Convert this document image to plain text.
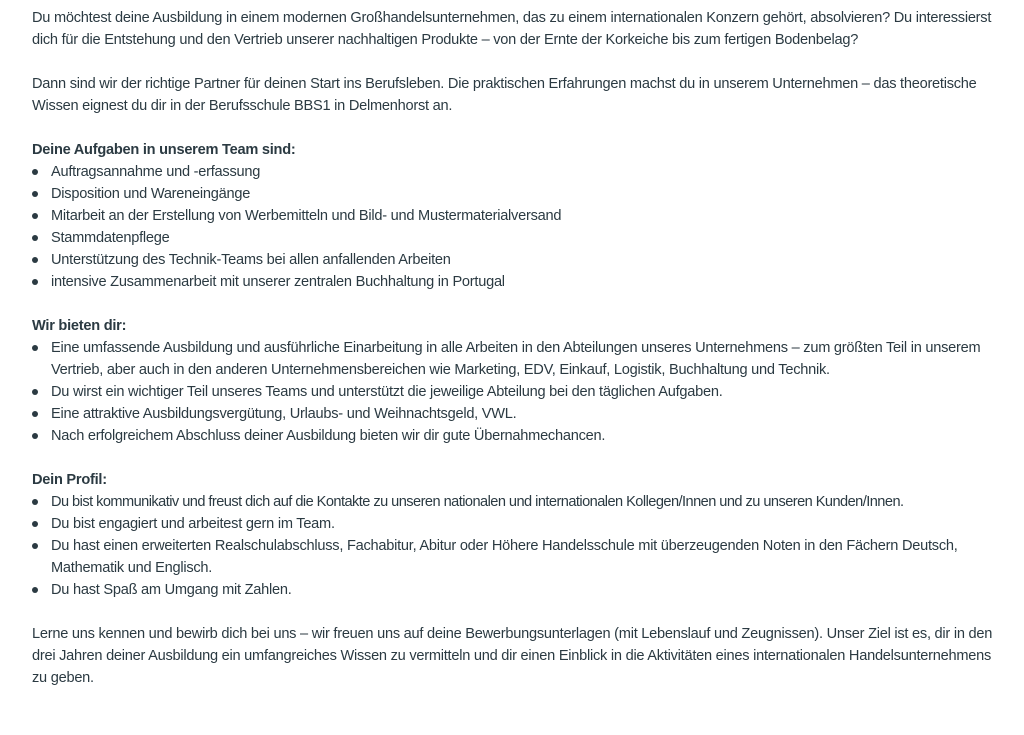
Du möchtest deine Ausbildung in einem modernen Großhandelsunternehmen, das zu einem internationalen Konzern gehört, absolvieren? Du interessierst dich für die Entstehung und den Vertrieb unserer nachhaltigen Produkte – von der Ernte der Korkeiche bis zum fertigen Bodenbelag?

Dann sind wir der richtige Partner für deinen Start ins Berufsleben. Die praktischen Erfahrungen machst du in unserem Unternehmen – das theoretische Wissen eignest du dir in der Berufsschule BBS1 in Delmenhorst an.

Deine Aufgaben in unserem Team sind:

Auftragsannahme und -erfassung
Disposition und Wareneingänge
Mitarbeit an der Erstellung von Werbemitteln und Bild- und Mustermaterialversand
Stammdatenpflege
Unterstützung des Technik-Teams bei allen anfallenden Arbeiten
intensive Zusammenarbeit mit unserer zentralen Buchhaltung in Portugal

Wir bieten dir:

Eine umfassende Ausbildung und ausführliche Einarbeitung in alle Arbeiten in den Abteilungen unseres Unternehmens – zum größten Teil in unserem Vertrieb, aber auch in den anderen Unternehmensbereichen wie Marketing, EDV, Einkauf, Logistik, Buchhaltung und Technik.
Du wirst ein wichtiger Teil unseres Teams und unterstützt die jeweilige Abteilung bei den täglichen Aufgaben.
Eine attraktive Ausbildungsvergütung, Urlaubs- und Weihnachtsgeld, VWL.
Nach erfolgreichem Abschluss deiner Ausbildung bieten wir dir gute Übernahmechancen.

Dein Profil:

Du bist kommunikativ und freust dich auf die Kontakte zu unseren nationalen und internationalen Kollegen/Innen und zu unseren Kunden/Innen.
Du bist engagiert und arbeitest gern im Team.
Du hast einen erweiterten Realschulabschluss, Fachabitur, Abitur oder Höhere Handelsschule mit überzeugenden Noten in den Fächern Deutsch, Mathematik und Englisch.
Du hast Spaß am Umgang mit Zahlen.

Lerne uns kennen und bewirb dich bei uns – wir freuen uns auf deine Bewerbungsunterlagen (mit Lebenslauf und Zeugnissen). Unser Ziel ist es, dir in den drei Jahren deiner Ausbildung ein umfangreiches Wissen zu vermitteln und dir einen Einblick in die Aktivitäten eines internationalen Handelsunternehmens zu geben.
